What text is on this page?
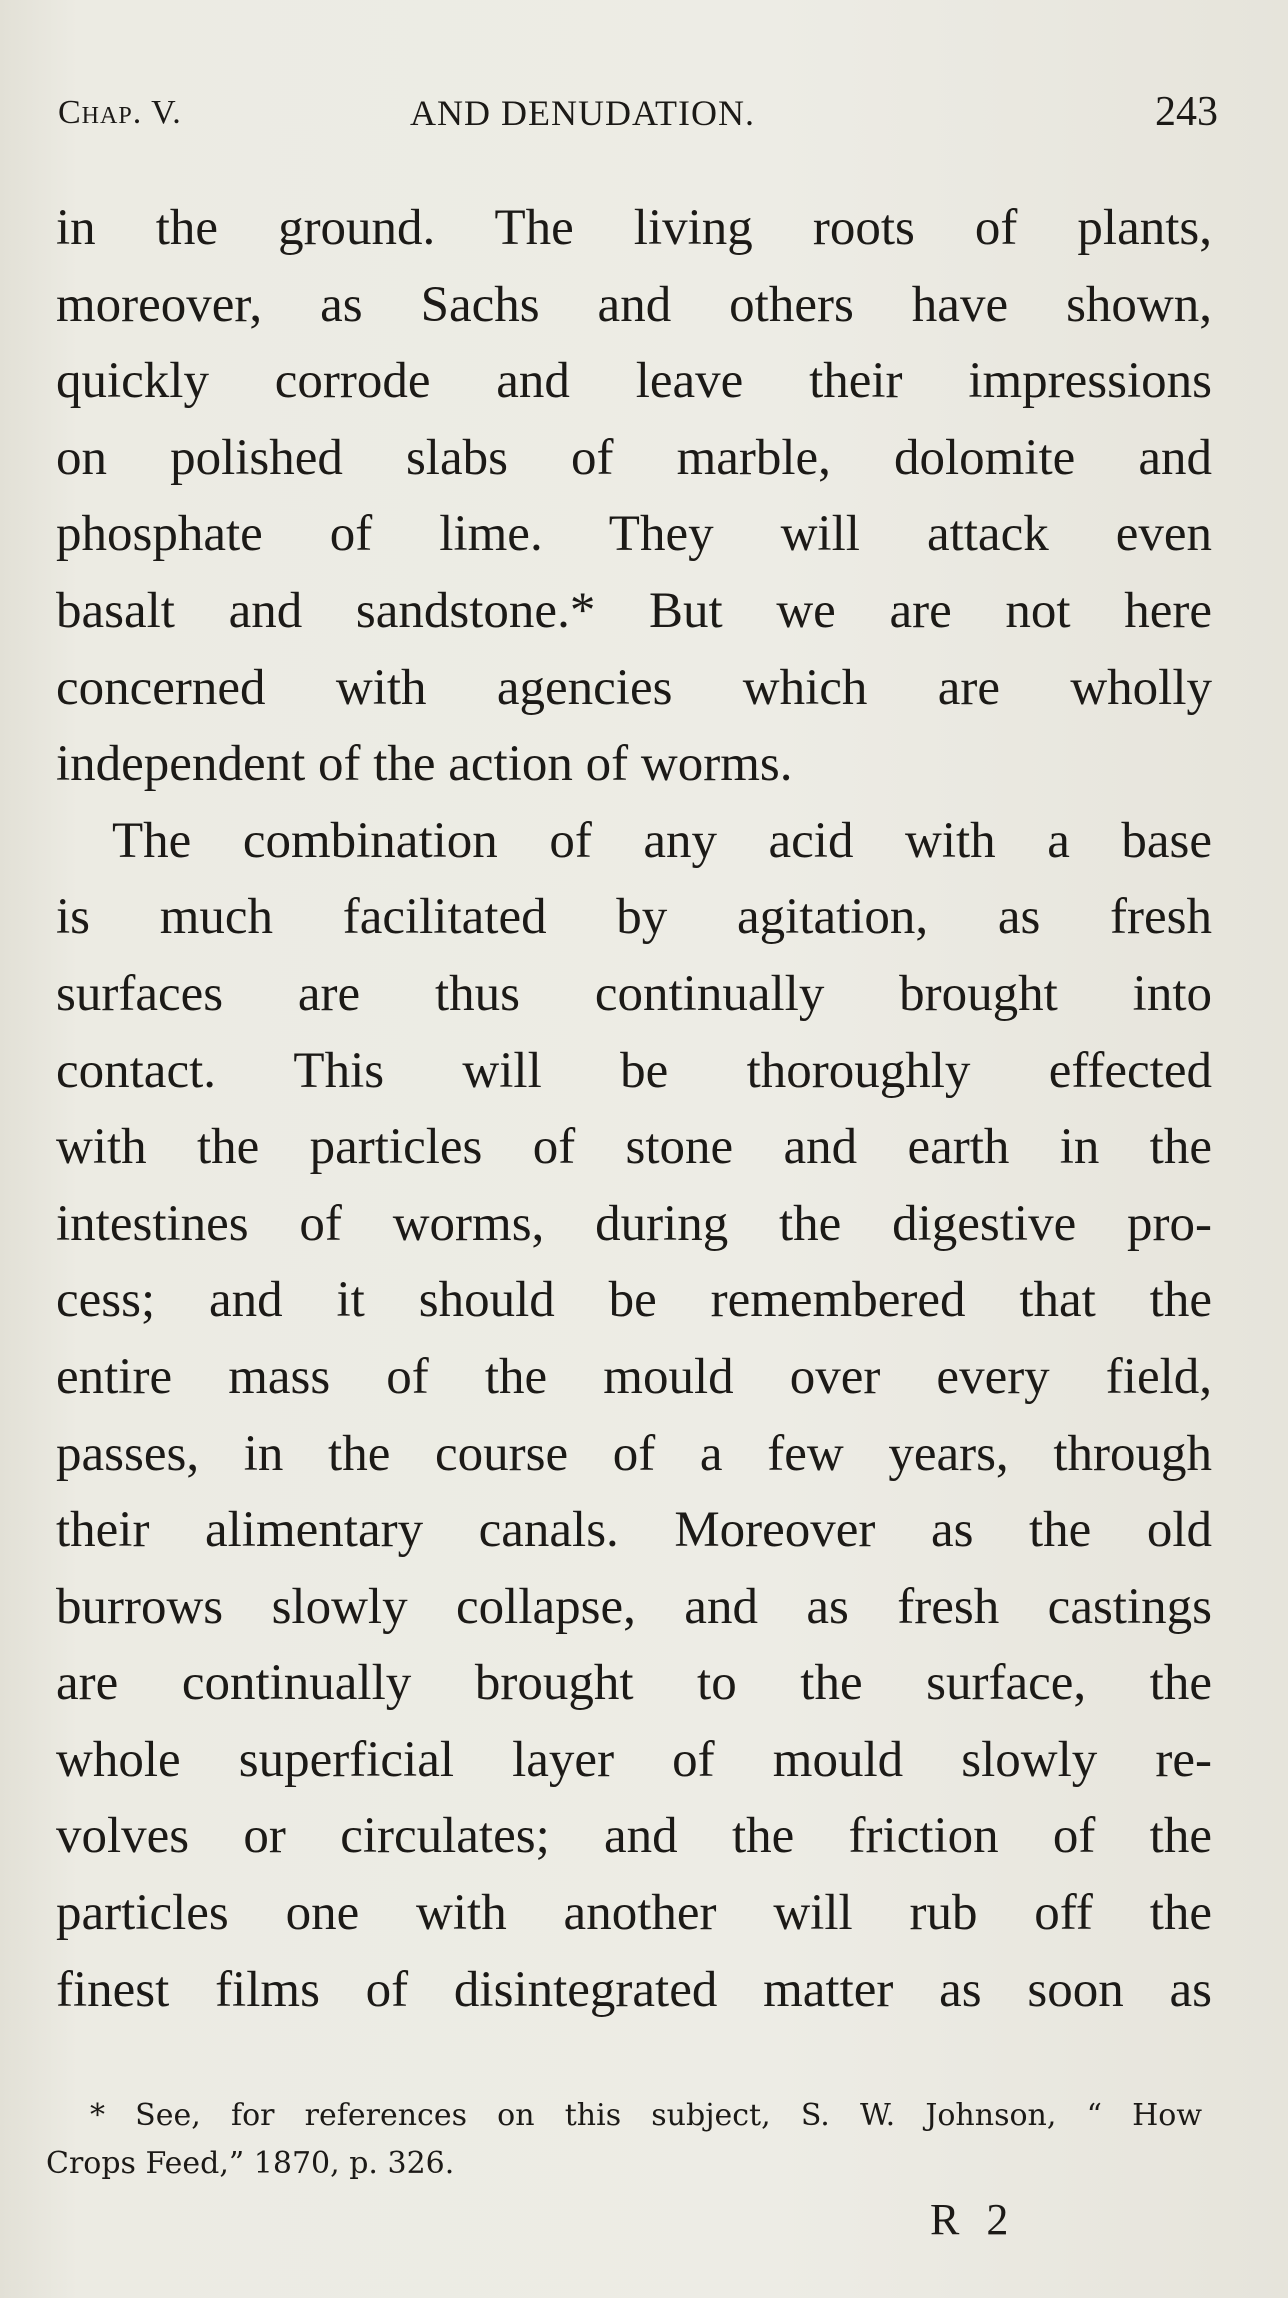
Chap. V.	AND DENUDATION.	243
in the ground. The living roots of plants,
moreover, as Sachs and others have shown,
quickly corrode and leave their impressions
on polished slabs of marble, dolomite and
phosphate of lime. They will attack even
basalt and sandstone.* But we are not here
concerned with agencies which are wholly
independent of the action of worms.
The combination of any acid with a base
is much facilitated by agitation, as fresh
surfaces are thus continually brought into
contact. This will be thoroughly effected
with the particles of stone and earth in the
intestines of worms, during the digestive pro-
cess; and it should be remembered that the
entire mass of the mould over every field,
passes, in the course of a few years, through
their alimentary canals. Moreover as the old
burrows slowly collapse, and as fresh castings
are continually brought to the surface, the
whole superficial layer of mould slowly re-
volves or circulates; and the friction of the
particles one with another will rub off the
finest films of disintegrated matter as soon as
* See, for references on this subject, S. W. Johnson, “ How
Crops Feed,” 1870, p. 326.
R 2
